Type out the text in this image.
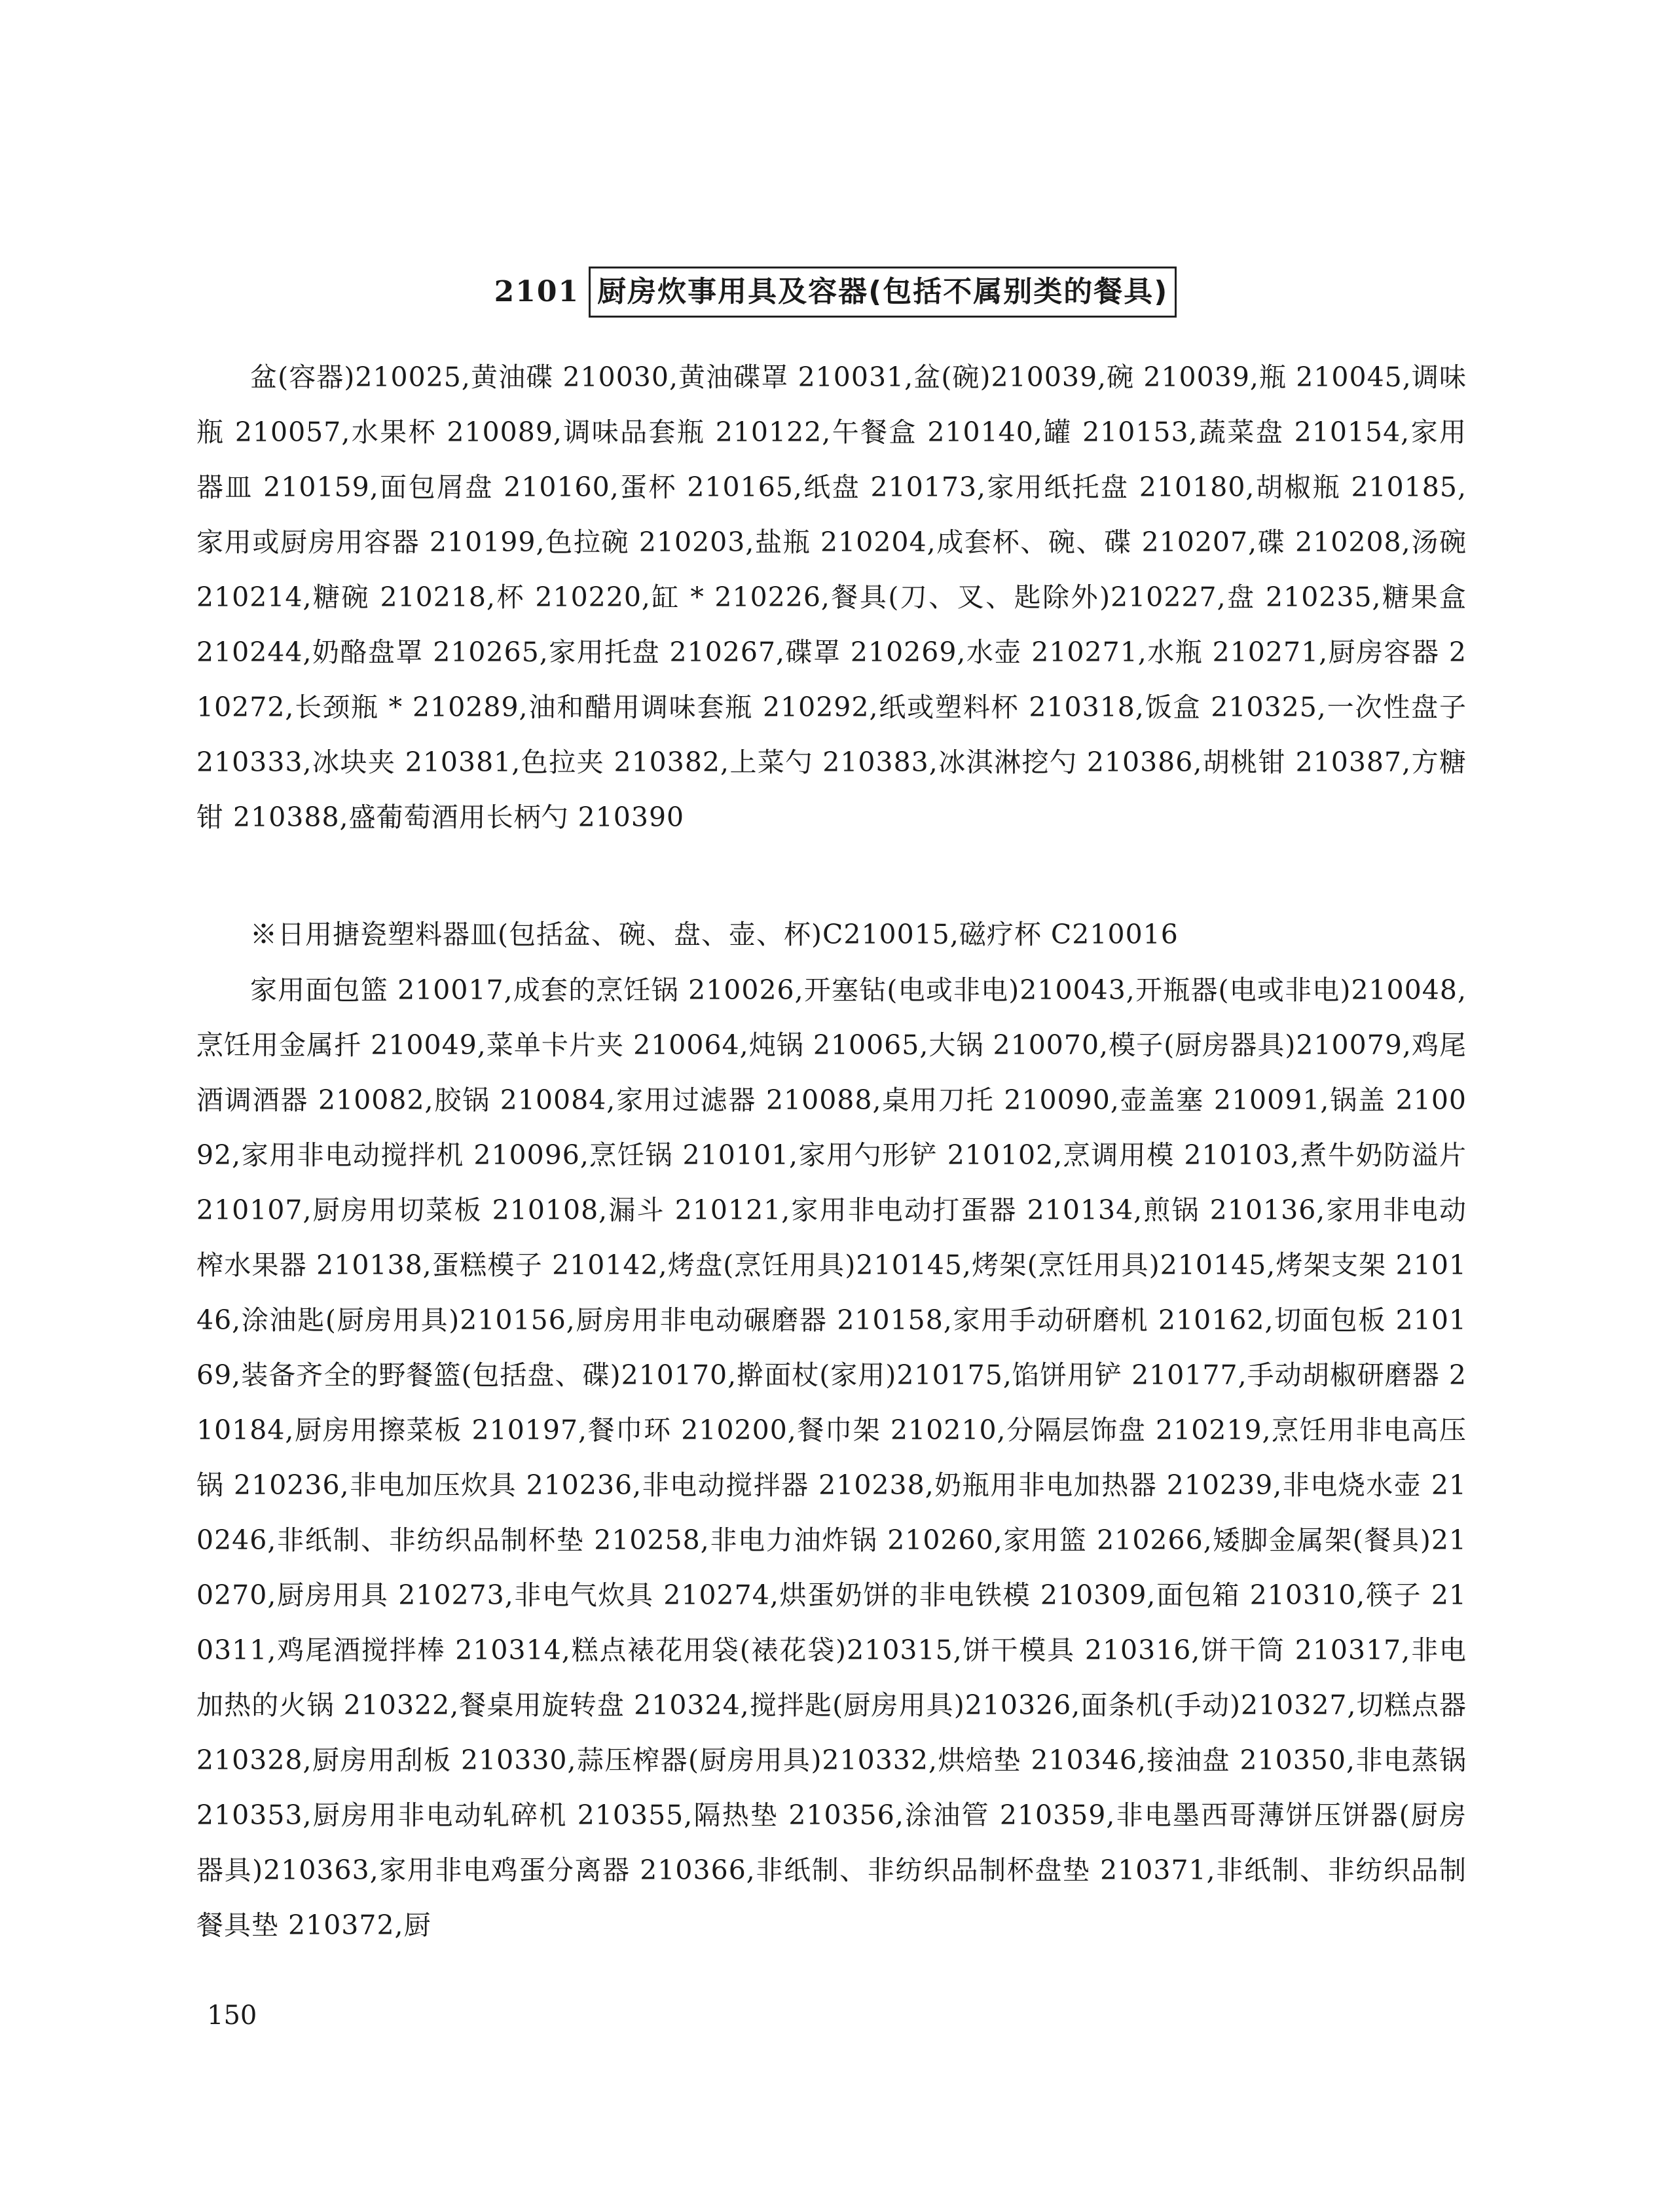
2101 厨房炊事用具及容器(包括不属别类的餐具)

盆(容器)210025,黄油碟 210030,黄油碟罩 210031,盆(碗)210039,碗 210039,瓶 210045,调味瓶 210057,水果杯 210089,调味品套瓶 210122,午餐盒 210140,罐 210153,蔬菜盘 210154,家用器皿 210159,面包屑盘 210160,蛋杯 210165,纸盘 210173,家用纸托盘 210180,胡椒瓶 210185,家用或厨房用容器 210199,色拉碗 210203,盐瓶 210204,成套杯、碗、碟 210207,碟 210208,汤碗 210214,糖碗 210218,杯 210220,缸 * 210226,餐具(刀、叉、匙除外)210227,盘 210235,糖果盒 210244,奶酪盘罩 210265,家用托盘 210267,碟罩 210269,水壶 210271,水瓶 210271,厨房容器 210272,长颈瓶 * 210289,油和醋用调味套瓶 210292,纸或塑料杯 210318,饭盒 210325,一次性盘子 210333,冰块夹 210381,色拉夹 210382,上菜勺 210383,冰淇淋挖勺 210386,胡桃钳 210387,方糖钳 210388,盛葡萄酒用长柄勺 210390

※日用搪瓷塑料器皿(包括盆、碗、盘、壶、杯)C210015,磁疗杯 C210016

家用面包篮 210017,成套的烹饪锅 210026,开塞钻(电或非电)210043,开瓶器(电或非电)210048,烹饪用金属扦 210049,菜单卡片夹 210064,炖锅 210065,大锅 210070,模子(厨房器具)210079,鸡尾酒调酒器 210082,胶锅 210084,家用过滤器 210088,桌用刀托 210090,壶盖塞 210091,锅盖 210092,家用非电动搅拌机 210096,烹饪锅 210101,家用勺形铲 210102,烹调用模 210103,煮牛奶防溢片 210107,厨房用切菜板 210108,漏斗 210121,家用非电动打蛋器 210134,煎锅 210136,家用非电动榨水果器 210138,蛋糕模子 210142,烤盘(烹饪用具)210145,烤架(烹饪用具)210145,烤架支架 210146,涂油匙(厨房用具)210156,厨房用非电动碾磨器 210158,家用手动研磨机 210162,切面包板 210169,装备齐全的野餐篮(包括盘、碟)210170,擀面杖(家用)210175,馅饼用铲 210177,手动胡椒研磨器 210184,厨房用擦菜板 210197,餐巾环 210200,餐巾架 210210,分隔层饰盘 210219,烹饪用非电高压锅 210236,非电加压炊具 210236,非电动搅拌器 210238,奶瓶用非电加热器 210239,非电烧水壶 210246,非纸制、非纺织品制杯垫 210258,非电力油炸锅 210260,家用篮 210266,矮脚金属架(餐具)210270,厨房用具 210273,非电气炊具 210274,烘蛋奶饼的非电铁模 210309,面包箱 210310,筷子 210311,鸡尾酒搅拌棒 210314,糕点裱花用袋(裱花袋)210315,饼干模具 210316,饼干筒 210317,非电加热的火锅 210322,餐桌用旋转盘 210324,搅拌匙(厨房用具)210326,面条机(手动)210327,切糕点器 210328,厨房用刮板 210330,蒜压榨器(厨房用具)210332,烘焙垫 210346,接油盘 210350,非电蒸锅 210353,厨房用非电动轧碎机 210355,隔热垫 210356,涂油管 210359,非电墨西哥薄饼压饼器(厨房器具)210363,家用非电鸡蛋分离器 210366,非纸制、非纺织品制杯盘垫 210371,非纸制、非纺织品制餐具垫 210372,厨

150
